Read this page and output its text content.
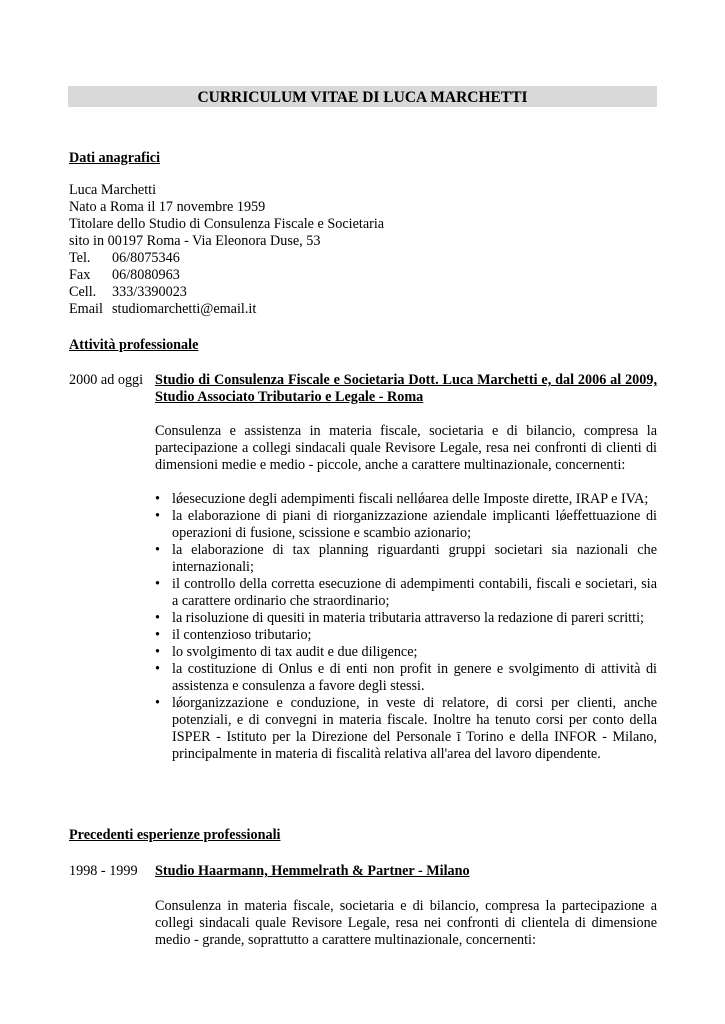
CURRICULUM VITAE DI LUCA MARCHETTI
Dati anagrafici
Luca Marchetti
Nato a Roma il 17 novembre 1959
Titolare dello Studio di Consulenza Fiscale e Societaria
sito in 00197 Roma - Via Eleonora Duse, 53
Tel. 06/8075346
Fax 06/8080963
Cell. 333/3390023
Email studiomarchetti@email.it
Attività professionale
2000 ad oggi Studio di Consulenza Fiscale e Societaria Dott. Luca Marchetti e, dal 2006 al 2009, Studio Associato Tributario e Legale - Roma
Consulenza e assistenza in materia fiscale, societaria e di bilancio, compresa la partecipazione a collegi sindacali quale Revisore Legale, resa nei confronti di clienti di dimensioni medie e medio - piccole, anche a carattere multinazionale, concernenti:
• lǿesecuzione degli adempimenti fiscali nellǿarea delle Imposte dirette, IRAP e IVA;
• la elaborazione di piani di riorganizzazione aziendale implicanti lǿeffettuazione di operazioni di fusione, scissione e scambio azionario;
• la elaborazione di tax planning riguardanti gruppi societari sia nazionali che internazionali;
• il controllo della corretta esecuzione di adempimenti contabili, fiscali e societari, sia a carattere ordinario che straordinario;
• la risoluzione di quesiti in materia tributaria attraverso la redazione di pareri scritti;
• il contenzioso tributario;
• lo svolgimento di tax audit e due diligence;
• la costituzione di Onlus e di enti non profit in genere e svolgimento di attività di assistenza e consulenza a favore degli stessi.
• lǿorganizzazione e conduzione, in veste di relatore, di corsi per clienti, anche potenziali, e di convegni in materia fiscale. Inoltre ha tenuto corsi per conto della ISPER - Istituto per la Direzione del Personale ī Torino e della INFOR - Milano, principalmente in materia di fiscalità relativa all'area del lavoro dipendente.
Precedenti esperienze professionali
1998 - 1999 Studio Haarmann, Hemmelrath & Partner - Milano
Consulenza in materia fiscale, societaria e di bilancio, compresa la partecipazione a collegi sindacali quale Revisore Legale, resa nei confronti di clientela di dimensione medio - grande, soprattutto a carattere multinazionale, concernenti:
